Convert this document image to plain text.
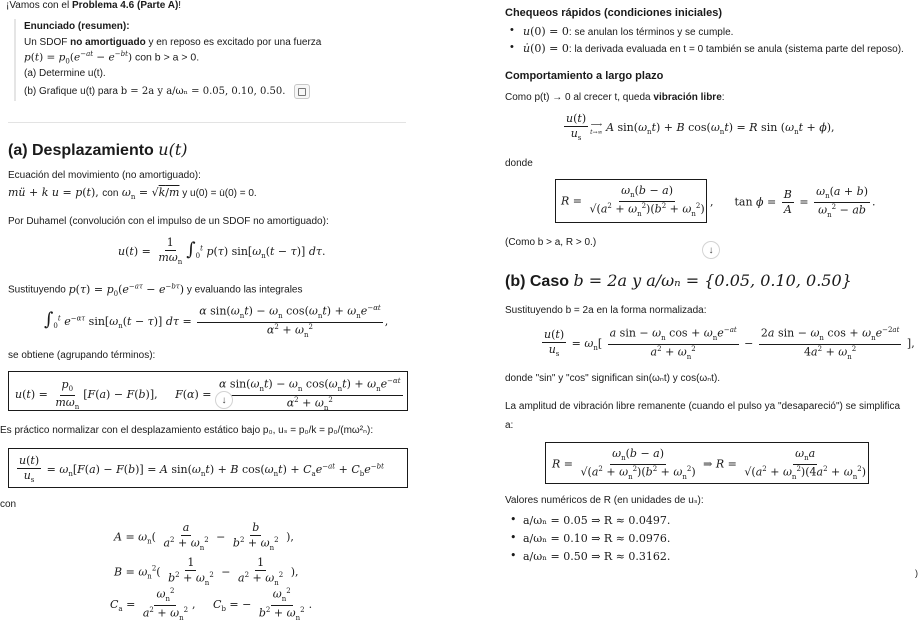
¡Vamos con el Problema 4.6 (Parte A)!
Enunciado (resumen):
Un SDOF no amortiguado y en reposo es excitado por una fuerza
$p(t) = p_0(e^{-at} - e^{-bt})$ con b > a > 0.
(a) Determine u(t).
(b) Grafique u(t) para b = 2a y a/ωₙ = 0.05, 0.10, 0.50.
(a) Desplazamiento u(t)
Ecuación del movimiento (no amortiguado):
mü + k u = p(t), con $\omega_n = √k/m$ y u(0) = u̇(0) = 0.
Por Duhamel (convolución con el impulso de un SDOF no amortiguado):
$u(t) = \frac{1}{m\omega_n} \int_0^t$ p(τ) $\sin[\omega_n(t - \tau)]$ dτ.
Sustituyendo $p(\tau) = p_0(e^{-a\tau} - e^{-b\tau})$ y evaluando las integrales
$\int_0^t$ $e^{-\alpha\tau}$ $\sin[\omega_n(t - \tau)] d\tau = \frac{\alpha \sin(\omega_nt) - \omega_n \cos(\omega_nt) + \omega_ne^{-\alpha t}}{\alpha^2 + \omega_n^2}$ ,
se obtiene (agrupando términos):
$u(t) = \frac{p_0}{m\omega_n} [F(a) - F(b)]$,     $F(\alpha) = \frac{\alpha \sin(\omega_nt) - \omega_n \cos(\omega_nt) + \omega_ne^{-\alpha t}}{\alpha^2 + \omega_n^2}$
↓
Es práctico normalizar con el desplazamiento estático bajo p₀, uₛ = p₀/k = p₀/(mω²ₙ):
$\frac{u(t)}{u_s} = \omega_n[F(a) - F(b)] = A$ $\sin(\omega_nt) + B$ $\cos(\omega_nt) + C_ae^{-at} + C_be^{-bt}$
con
$A = \omega_n( \frac{a}{a^2 + \omega_n^2} - \frac{b}{b^2 + \omega_n^2}$ ),
$B = \omega_n^2( \frac{1}{b^2 + \omega_n^2} - \frac{1}{a^2 + \omega_n^2}$ ),
$C_a = \frac{\omega_n^2}{a^2 + \omega_n^2}$ ,     $C_b$ = − $\frac{\omega_n^2}{b^2 + \omega_n^2}$ .
Chequeos rápidos (condiciones iniciales)
• u(0) = 0: se anulan los términos y se cumple.
• u̇(0) = 0: la derivada evaluada en t = 0 también se anula (sistema parte del reposo).
Comportamiento a largo plazo
Como p(t) → 0 al crecer t, queda vibración libre:
$\frac{u(t)}{u_s}$ ⟶
t→∞ A $\sin(\omega_nt) + B$ $\cos(\omega_nt) = R$ $\sin (\omega_nt + \phi)$,
donde
$R = \frac{\omega_n(b - a)}{√(a^2 + \omega_n^2)(b^2 + \omega_n^2)}$ ,      $\tan \phi = \frac{B}{A} = \frac{\omega_n(a + b)}{\omega_n^2 - ab}$ .
(Como b > a, R > 0.)
↓
(b) Caso b = 2a y a/ωₙ = {0.05, 0.10, 0.50}
Sustituyendo b = 2a en la forma normalizada:
$\frac{u(t)}{u_s} = \omega_n[ \frac{a \sin - \omega_n \cos + \omega_ne^{-at}}{a^2 + \omega_n^2} - \frac{2a \sin - \omega_n \cos + \omega_ne^{-2at}}{4a^2 + \omega_n^2}$ ],
donde "sin" y "cos" significan sin(ωₙt) y cos(ωₙt).
La amplitud de vibración libre remanente (cuando el pulso ya "desapareció") se simplifica
a:
$R = \frac{\omega_n(b - a)}{√(a^2 + \omega_n^2)(b^2 + \omega_n^2)}$ ⇒ $R = \frac{\omega_na}{√(a^2 + \omega_n^2)(4a^2 + \omega_n^2)}$
Valores numéricos de R (en unidades de uₛ):
• a/ωₙ = 0.05 ⇒ R ≈ 0.0497.
• a/ωₙ = 0.10 ⇒ R ≈ 0.0976.
• a/ωₙ = 0.50 ⇒ R ≈ 0.3162.
)
